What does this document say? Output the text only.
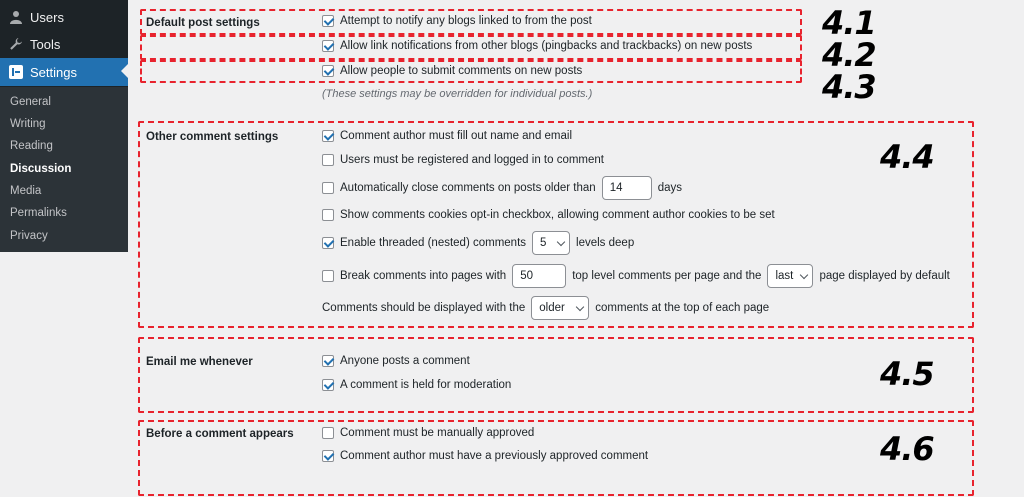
Users
Tools
Settings
General
Writing
Reading
Discussion
Media
Permalinks
Privacy
Default post settings	Attempt to notify any blogs linked to from the post
Allow link notifications from other blogs (pingbacks and trackbacks) on new posts
Allow people to submit comments on new posts
(These settings may be overridden for individual posts.)
Other comment settings	Comment author must fill out name and email
Users must be registered and logged in to comment
Automatically close comments on posts older than	14	days
Show comments cookies opt-in checkbox, allowing comment author cookies to be set
Enable threaded (nested) comments 5	levels deep
Break comments into pages with	50	top level comments per page and the last page displayed by default
Comments should be displayed with the older	comments at the top of each page
Email me whenever	Anyone posts a comment
A comment is held for moderation
Before a comment appears	Comment must be manually approved
Comment author must have a previously approved comment
4.1
4.2
4.3
4.4
4.5
4.6
